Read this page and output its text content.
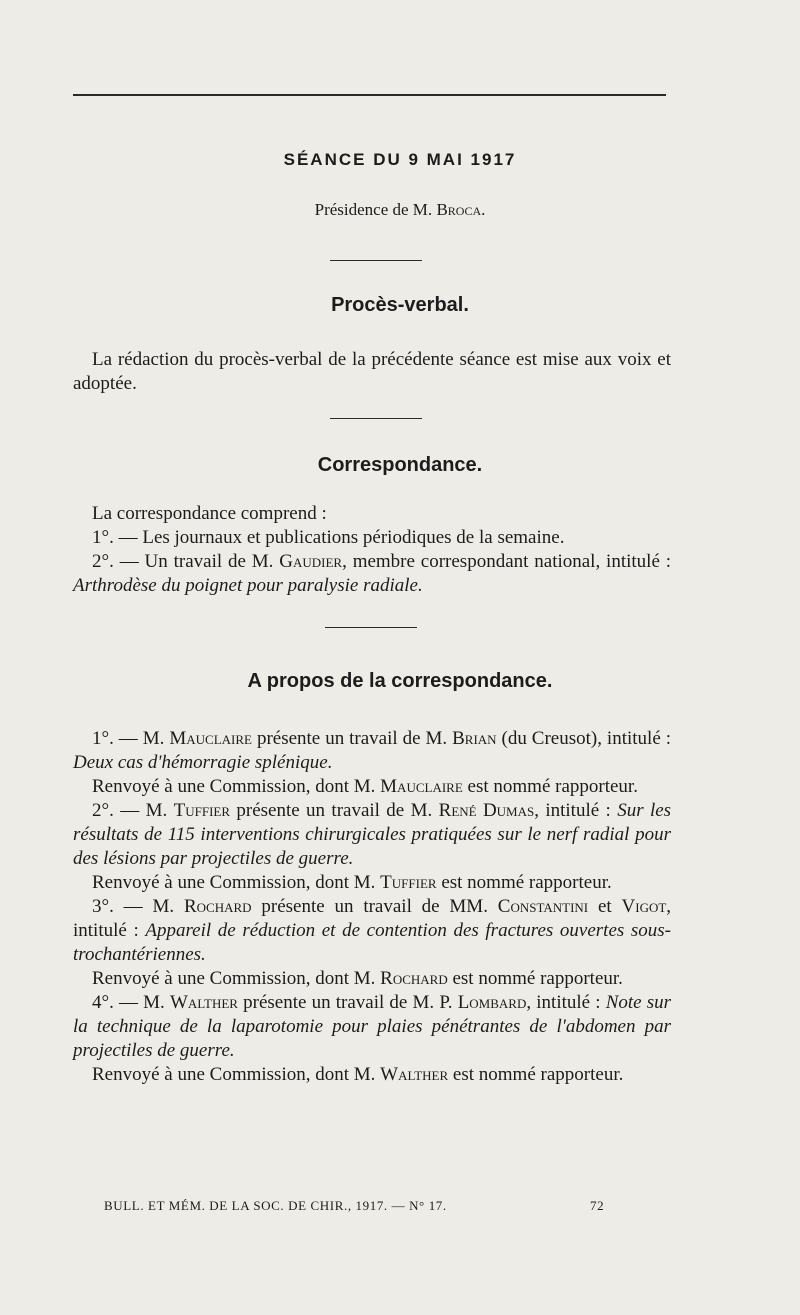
SÉANCE DU 9 MAI 1917
Présidence de M. Broca.
Procès-verbal.

La rédaction du procès-verbal de la précédente séance est mise aux voix et adoptée.

Correspondance.

La correspondance comprend :

1°. — Les journaux et publications périodiques de la semaine.

2°. — Un travail de M. Gaudier, membre correspondant national, intitulé : Arthrodèse du poignet pour paralysie radiale.

A propos de la correspondance.

1°. — M. Mauclaire présente un travail de M. Brian (du Creusot), intitulé : Deux cas d'hémorragie splénique.

Renvoyé à une Commission, dont M. Mauclaire est nommé rapporteur.

2°. — M. Tuffier présente un travail de M. René Dumas, intitulé : Sur les résultats de 115 interventions chirurgicales pratiquées sur le nerf radial pour des lésions par projectiles de guerre.

Renvoyé à une Commission, dont M. Tuffier est nommé rapporteur.

3°. — M. Rochard présente un travail de MM. Constantini et Vigot, intitulé : Appareil de réduction et de contention des fractures ouvertes sous-trochantériennes.

Renvoyé à une Commission, dont M. Rochard est nommé rapporteur.

4°. — M. Walther présente un travail de M. P. Lombard, intitulé : Note sur la technique de la laparotomie pour plaies pénétrantes de l'abdomen par projectiles de guerre.

Renvoyé à une Commission, dont M. Walther est nommé rapporteur.

BULL. ET MÉM. DE LA SOC. DE CHIR., 1917. — N° 17.	72
